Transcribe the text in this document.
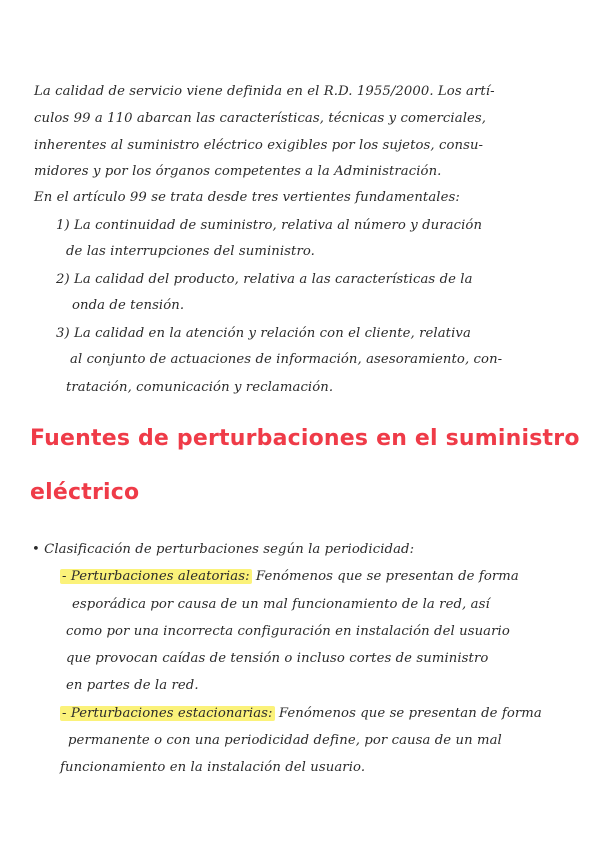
La calidad de servicio viene definida en el R.D. 1955/2000. Los artí-
culos 99 a 110 abarcan las características, técnicas y comerciales,
inherentes al suministro eléctrico exigibles por los sujetos, consu-
midores y por los órganos competentes a la Administración.
En el artículo 99 se trata desde tres vertientes fundamentales:
1) La continuidad de suministro, relativa al número y duración
de las interrupciones del suministro.
2) La calidad del producto, relativa a las características de la
onda de tensión.
3) La calidad en la atención y relación con el cliente, relativa
al conjunto de actuaciones de información, asesoramiento, con-
tratación, comunicación y reclamación.
Fuentes de perturbaciones en el suministro
eléctrico
• Clasificación de perturbaciones según la periodicidad:
- Perturbaciones aleatorias: Fenómenos que se presentan de forma
esporádica por causa de un mal funcionamiento de la red, así
como por una incorrecta configuración en instalación del usuario
que provocan caídas de tensión o incluso cortes de suministro
en partes de la red.
- Perturbaciones estacionarias: Fenómenos que se presentan de forma
permanente o con una periodicidad define, por causa de un mal
funcionamiento en la instalación del usuario.
